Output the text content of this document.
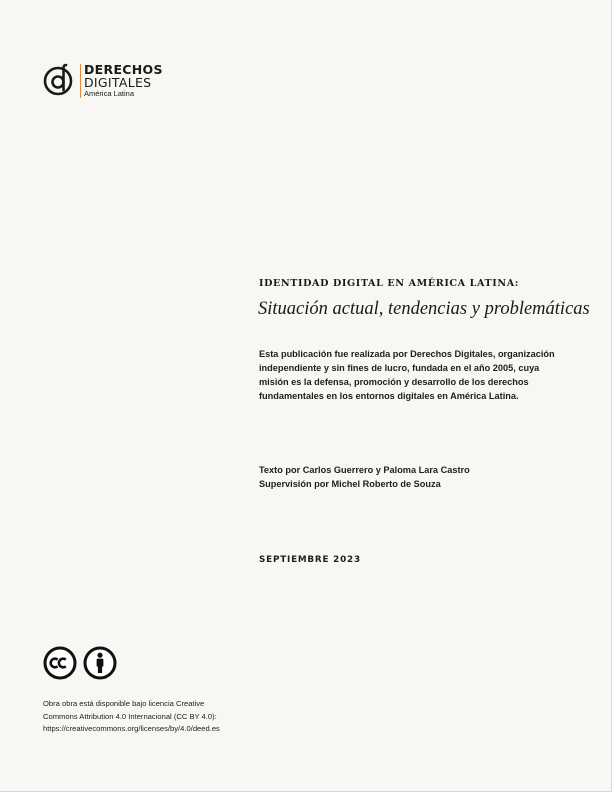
DERECHOS
DIGITALES
América Latina
IDENTIDAD DIGITAL EN AMÉRICA LATINA:
Situación actual, tendencias y problemáticas
Esta publicación fue realizada por Derechos Digitales, organización
independiente y sin fines de lucro, fundada en el año 2005, cuya
misión es la defensa, promoción y desarrollo de los derechos
fundamentales en los entornos digitales en América Latina.
Texto por Carlos Guerrero y Paloma Lara Castro
Supervisión por Michel Roberto de Souza
SEPTIEMBRE 2023
Obra obra está disponible bajo licencia Creative
Commons Attribution 4.0 Internacional (CC BY 4.0):
https://creativecommons.org/licenses/by/4.0/deed.es
